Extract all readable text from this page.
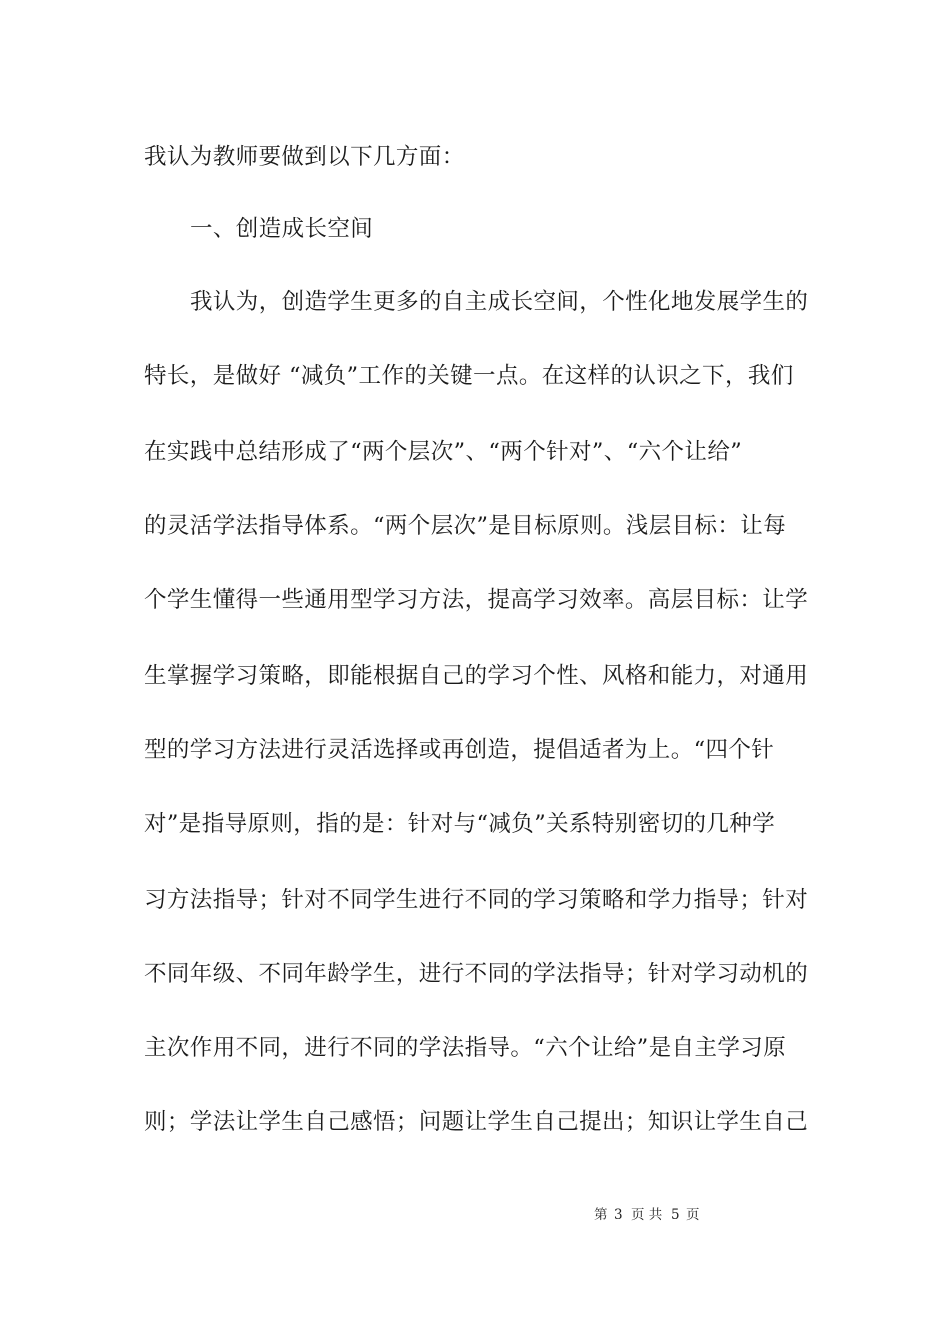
我认为教师要做到以下几方面：
一、创造成长空间
我认为，创造学生更多的自主成长空间，个性化地发展学生的
特长，是做好 “减负”工作的关键一点。在这样的认识之下，我们
在实践中总结形成了“两个层次”、“两个针对”、“六个让给”
的灵活学法指导体系。“两个层次”是目标原则。浅层目标：让每
个学生懂得一些通用型学习方法，提高学习效率。高层目标：让学
生掌握学习策略，即能根据自己的学习个性、风格和能力，对通用
型的学习方法进行灵活选择或再创造，提倡适者为上。“四个针
对”是指导原则，指的是：针对与“减负”关系特别密切的几种学
习方法指导；针对不同学生进行不同的学习策略和学力指导；针对
不同年级、不同年龄学生，进行不同的学法指导；针对学习动机的
主次作用不同，进行不同的学法指导。“六个让给”是自主学习原
则；学法让学生自己感悟；问题让学生自己提出；知识让学生自己
第 3 页 共 5 页
